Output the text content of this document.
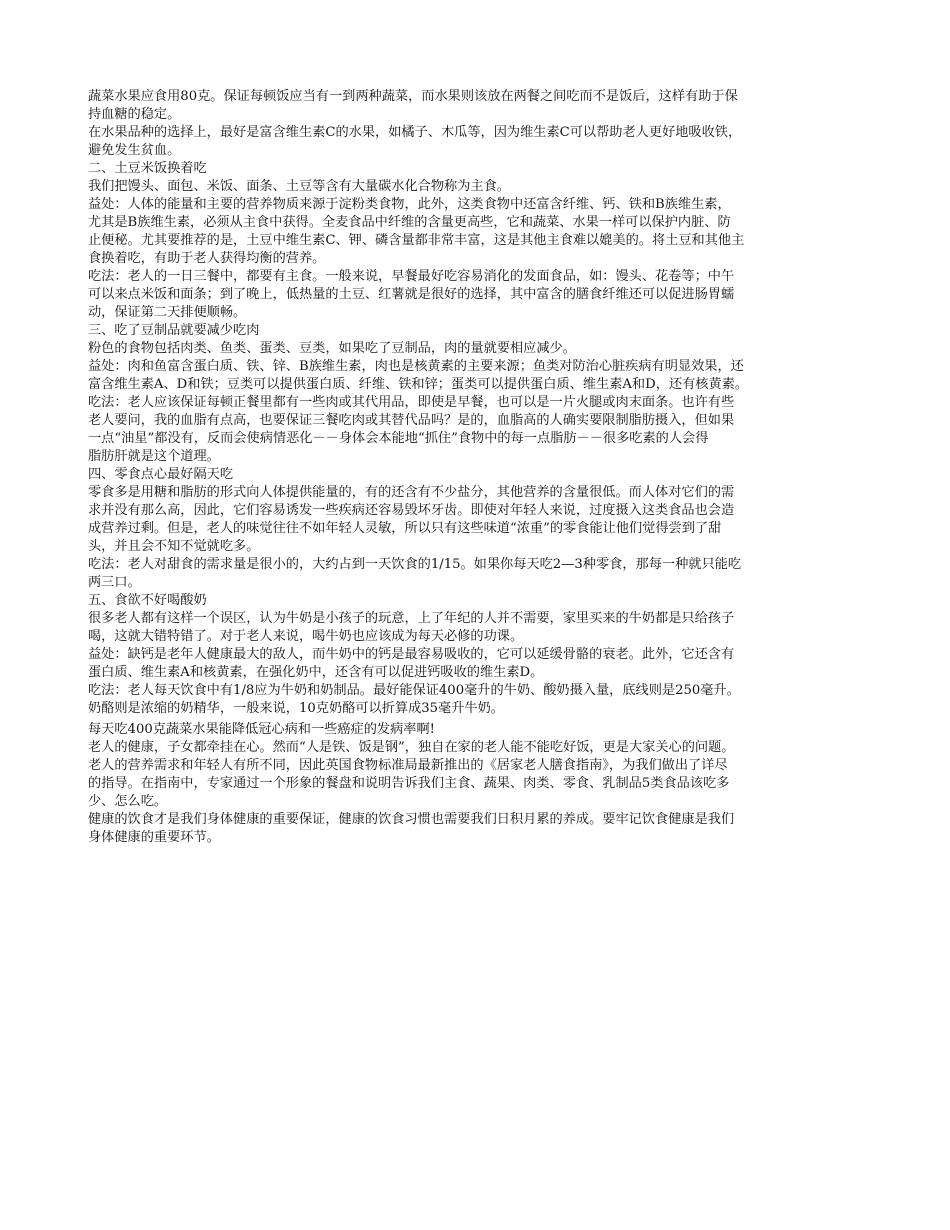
蔬菜水果应食用80克。保证每顿饭应当有一到两种蔬菜，而水果则该放在两餐之间吃而不是饭后，这样有助于保
持血糖的稳定。
在水果品种的选择上，最好是富含维生素C的水果，如橘子、木瓜等，因为维生素C可以帮助老人更好地吸收铁，
避免发生贫血。
二、土豆米饭换着吃
我们把馒头、面包、米饭、面条、土豆等含有大量碳水化合物称为主食。
益处：人体的能量和主要的营养物质来源于淀粉类食物，此外，这类食物中还富含纤维、钙、铁和B族维生素，
尤其是B族维生素，必须从主食中获得。全麦食品中纤维的含量更高些，它和蔬菜、水果一样可以保护内脏、防
止便秘。尤其要推荐的是，土豆中维生素C、钾、磷含量都非常丰富，这是其他主食难以媲美的。将土豆和其他主
食换着吃，有助于老人获得均衡的营养。
吃法：老人的一日三餐中，都要有主食。一般来说，早餐最好吃容易消化的发面食品，如：馒头、花卷等；中午
可以来点米饭和面条；到了晚上，低热量的土豆、红薯就是很好的选择，其中富含的膳食纤维还可以促进肠胃蠕
动，保证第二天排便顺畅。
三、吃了豆制品就要减少吃肉
粉色的食物包括肉类、鱼类、蛋类、豆类，如果吃了豆制品，肉的量就要相应减少。
益处：肉和鱼富含蛋白质、铁、锌、B族维生素，肉也是核黄素的主要来源；鱼类对防治心脏疾病有明显效果，还
富含维生素A、D和铁；豆类可以提供蛋白质、纤维、铁和锌；蛋类可以提供蛋白质、维生素A和D，还有核黄素。
吃法：老人应该保证每顿正餐里都有一些肉或其代用品，即使是早餐，也可以是一片火腿或肉末面条。也许有些
老人要问，我的血脂有点高，也要保证三餐吃肉或其替代品吗？是的，血脂高的人确实要限制脂肪摄入，但如果
一点“油星”都没有，反而会使病情恶化－－身体会本能地“抓住”食物中的每一点脂肪－－很多吃素的人会得
脂肪肝就是这个道理。
四、零食点心最好隔天吃
零食多是用糖和脂肪的形式向人体提供能量的，有的还含有不少盐分，其他营养的含量很低。而人体对它们的需
求并没有那么高，因此，它们容易诱发一些疾病还容易毁坏牙齿。即使对年轻人来说，过度摄入这类食品也会造
成营养过剩。但是，老人的味觉往往不如年轻人灵敏，所以只有这些味道“浓重”的零食能让他们觉得尝到了甜
头，并且会不知不觉就吃多。
吃法：老人对甜食的需求量是很小的，大约占到一天饮食的1/15。如果你每天吃2—3种零食，那每一种就只能吃
两三口。
五、食欲不好喝酸奶
很多老人都有这样一个误区，认为牛奶是小孩子的玩意，上了年纪的人并不需要，家里买来的牛奶都是只给孩子
喝，这就大错特错了。对于老人来说，喝牛奶也应该成为每天必修的功课。
益处：缺钙是老年人健康最大的敌人，而牛奶中的钙是最容易吸收的，它可以延缓骨骼的衰老。此外，它还含有
蛋白质、维生素A和核黄素，在强化奶中，还含有可以促进钙吸收的维生素D。
吃法：老人每天饮食中有1/8应为牛奶和奶制品。最好能保证400毫升的牛奶、酸奶摄入量，底线则是250毫升。
奶酪则是浓缩的奶精华，一般来说，10克奶酪可以折算成35毫升牛奶。
每天吃400克蔬菜水果能降低冠心病和一些癌症的发病率啊!
老人的健康，子女都牵挂在心。然而“人是铁、饭是钢”，独自在家的老人能不能吃好饭，更是大家关心的问题。
老人的营养需求和年轻人有所不同，因此英国食物标准局最新推出的《居家老人膳食指南》，为我们做出了详尽
的指导。在指南中，专家通过一个形象的餐盘和说明告诉我们主食、蔬果、肉类、零食、乳制品5类食品该吃多
少、怎么吃。
健康的饮食才是我们身体健康的重要保证，健康的饮食习惯也需要我们日积月累的养成。要牢记饮食健康是我们
身体健康的重要环节。
